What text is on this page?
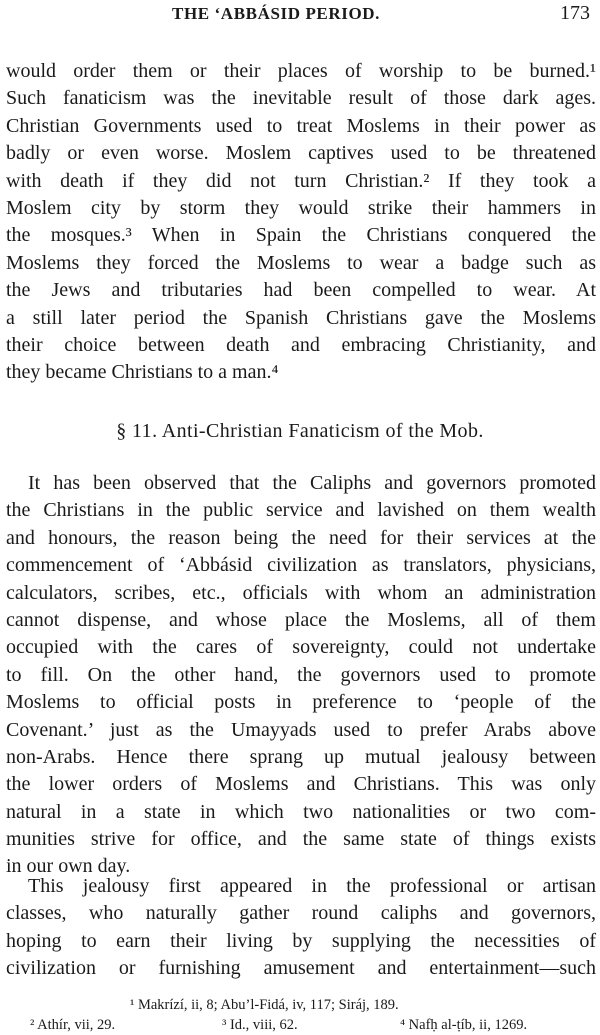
THE ‘ABBÁSID PERIOD.	173
would order them or their places of worship to be burned.¹
Such fanaticism was the inevitable result of those dark ages.
Christian Governments used to treat Moslems in their power as
badly or even worse. Moslem captives used to be threatened
with death if they did not turn Christian.² If they took a
Moslem city by storm they would strike their hammers in
the mosques.³ When in Spain the Christians conquered the
Moslems they forced the Moslems to wear a badge such as
the Jews and tributaries had been compelled to wear. At
a still later period the Spanish Christians gave the Moslems
their choice between death and embracing Christianity, and
they became Christians to a man.⁴
§ 11. Anti-Christian Fanaticism of the Mob.
It has been observed that the Caliphs and governors promoted
the Christians in the public service and lavished on them wealth
and honours, the reason being the need for their services at the
commencement of ‘Abbásid civilization as translators, physicians,
calculators, scribes, etc., officials with whom an administration
cannot dispense, and whose place the Moslems, all of them
occupied with the cares of sovereignty, could not undertake
to fill. On the other hand, the governors used to promote
Moslems to official posts in preference to ‘people of the
Covenant.’ just as the Umayyads used to prefer Arabs above
non-Arabs. Hence there sprang up mutual jealousy between
the lower orders of Moslems and Christians. This was only
natural in a state in which two nationalities or two com-
munities strive for office, and the same state of things exists
in our own day.
This jealousy first appeared in the professional or artisan
classes, who naturally gather round caliphs and governors,
hoping to earn their living by supplying the necessities of
civilization or furnishing amusement and entertainment—such
¹ Makrízí, ii, 8; Abu’l-Fidá, iv, 117; Siráj, 189.
² Athír, vii, 29.	³ Id., viii, 62.	⁴ Nafḥ al-ṭíb, ii, 1269.
